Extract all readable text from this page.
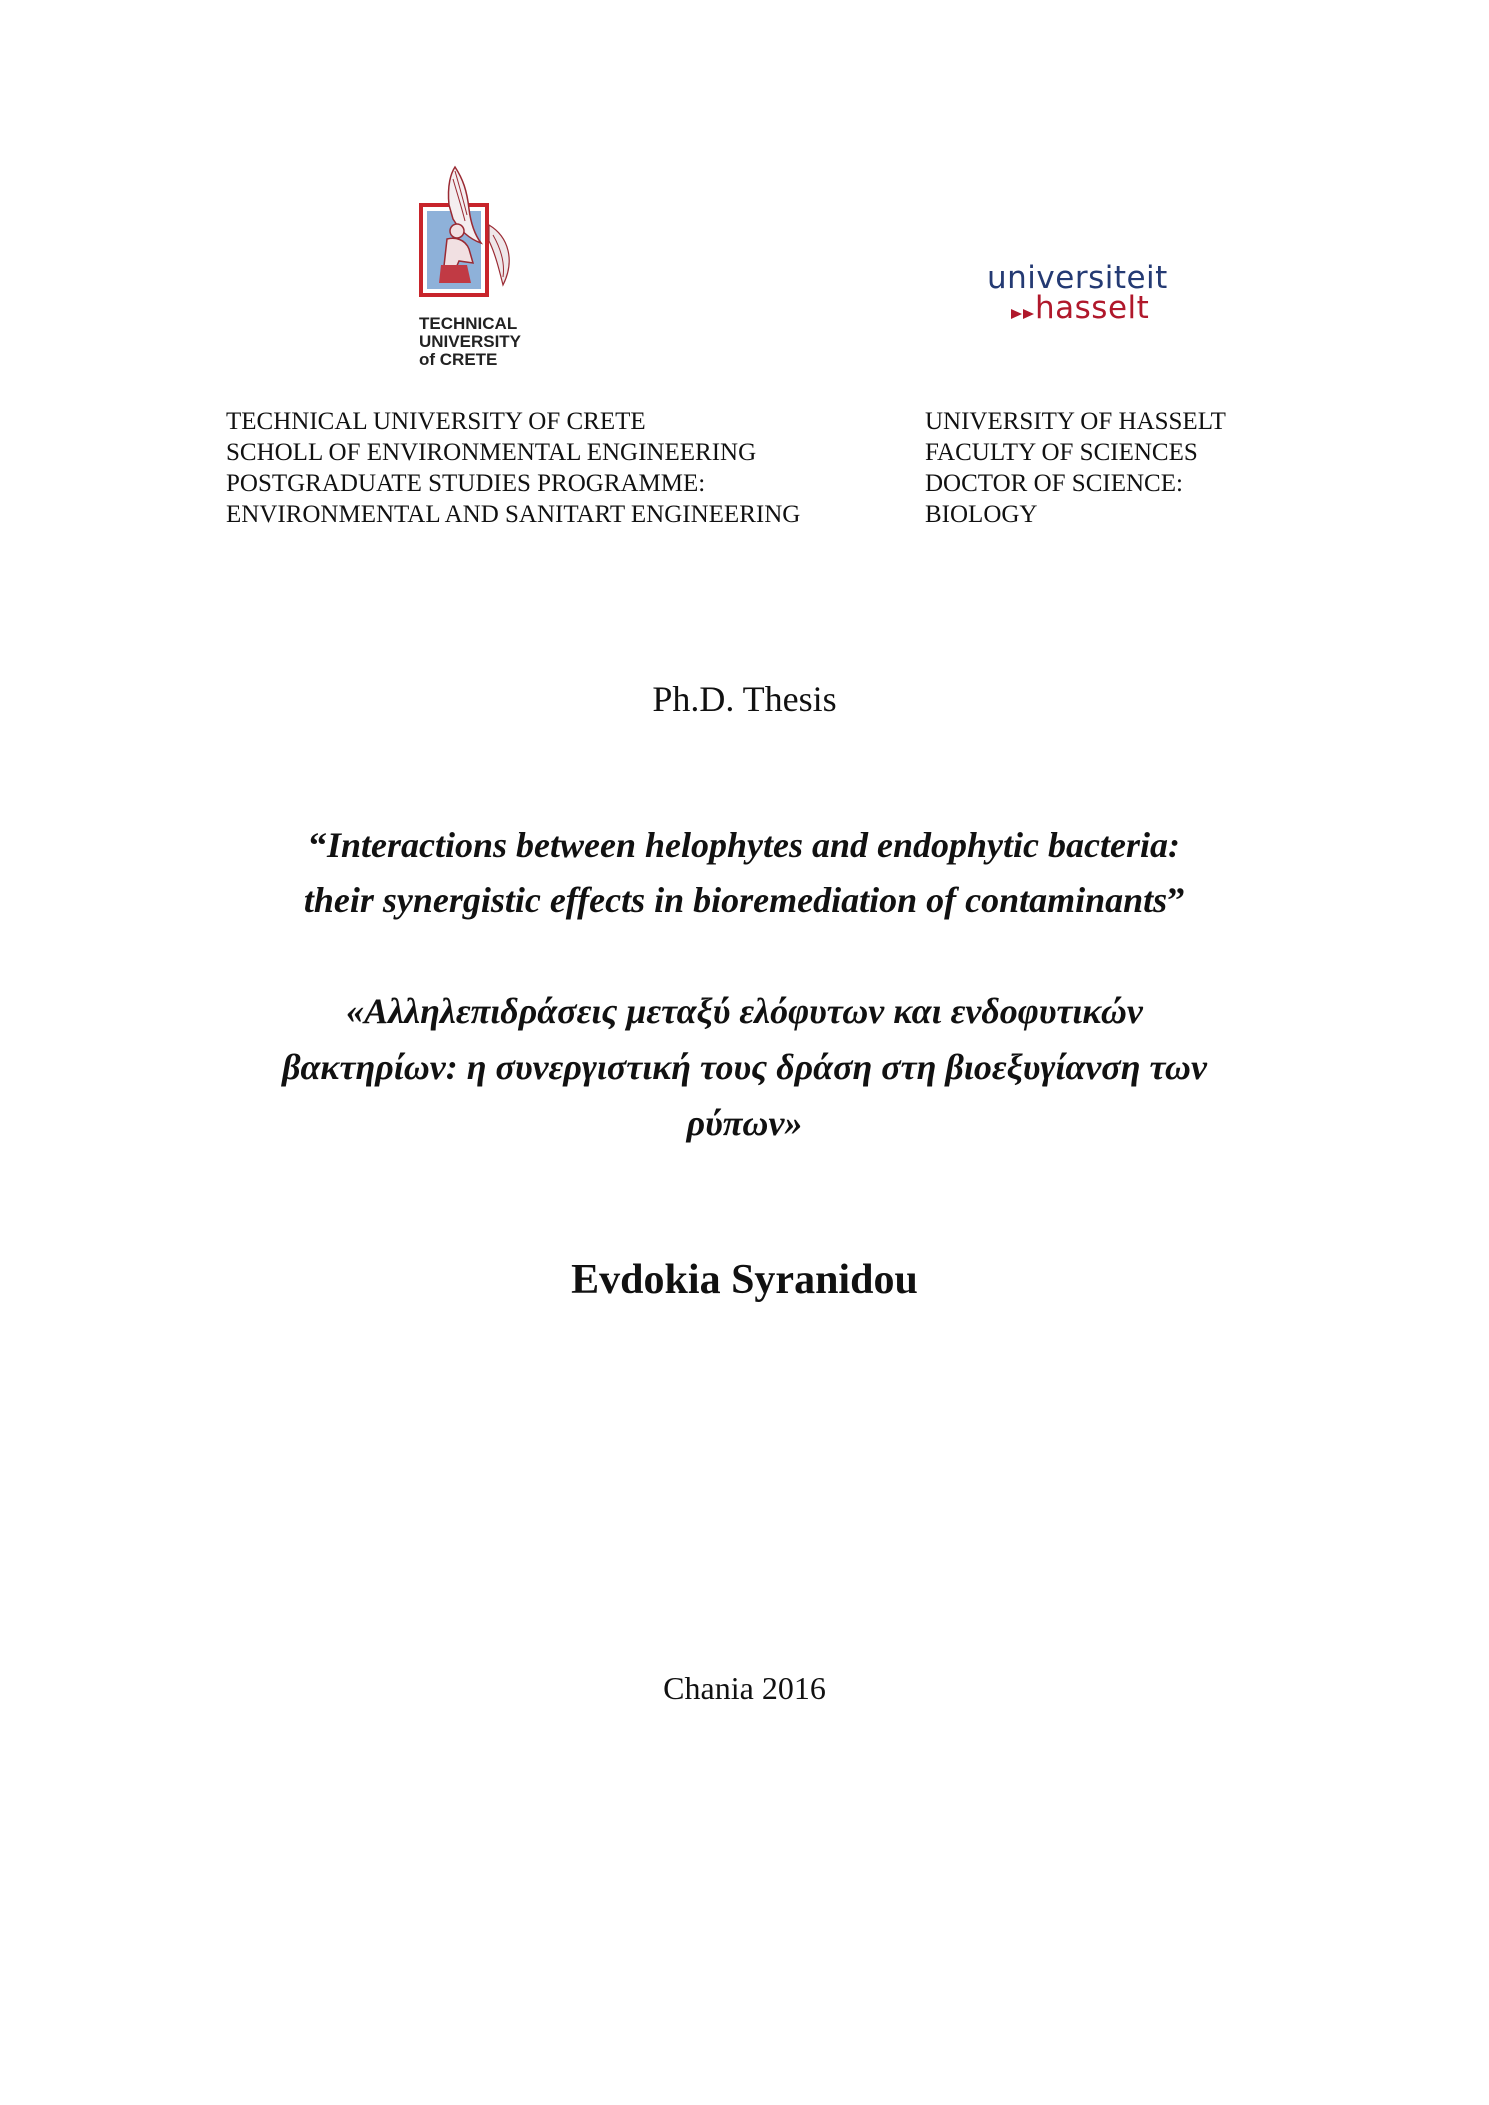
TECHNICAL
UNIVERSITY
of CRETE
universiteit
hasselt
TECHNICAL UNIVERSITY OF CRETE
SCHOLL OF ENVIRONMENTAL ENGINEERING
POSTGRADUATE STUDIES PROGRAMME:
ENVIRONMENTAL AND SANITART ENGINEERING
UNIVERSITY OF HASSELT
FACULTY OF SCIENCES
DOCTOR OF SCIENCE:
BIOLOGY
Ph.D. Thesis
“Interactions between helophytes and endophytic bacteria:
their synergistic effects in bioremediation of contaminants”
«Αλληλεπιδράσεις μεταξύ ελόφυτων και ενδοφυτικών
βακτηρίων: η συνεργιστική τους δράση στη βιοεξυγίανση των
ρύπων»
Evdokia Syranidou
Chania 2016
